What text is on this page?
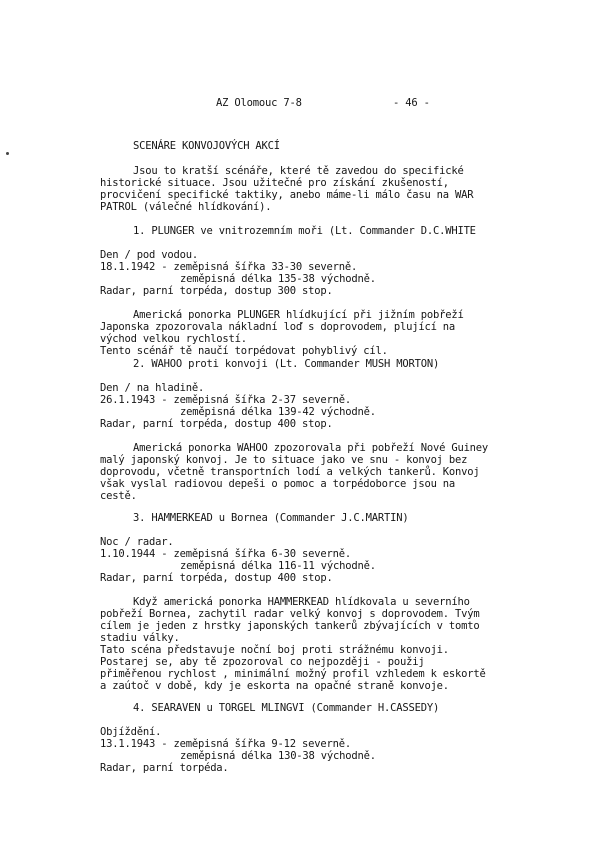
AZ Olomouc 7-8	- 46 -
SCENÁRE KONVOJOVÝCH AKCÍ
Jsou to kratší scénáře, které tě zavedou do specifické
historické situace. Jsou užitečné pro získání zkušeností,
procvičení specifické taktiky, anebo máme-li málo času na WAR
PATROL (válečné hlídkování).
1. PLUNGER ve vnitrozemním moři (Lt. Commander D.C.WHITE
Den / pod vodou.
18.1.1942 - zeměpisná šířka 33-30 severně.
zeměpisná délka 135-38 východně.
Radar, parní torpéda, dostup 300 stop.
Americká ponorka PLUNGER hlídkující při jižním pobřeží
Japonska zpozorovala nákladní loď s doprovodem, plující na
východ velkou rychlostí.
Tento scénář tě naučí torpédovat pohyblivý cíl.
2. WAHOO proti konvoji (Lt. Commander MUSH MORTON)
Den / na hladině.
26.1.1943 - zeměpisná šířka 2-37 severně.
zeměpisná délka 139-42 východně.
Radar, parní torpéda, dostup 400 stop.
Americká ponorka WAHOO zpozorovala při pobřeží Nové Guiney
malý japonský konvoj. Je to situace jako ve snu - konvoj bez
doprovodu, včetně transportních lodí a velkých tankerů. Konvoj
však vyslal radiovou depeši o pomoc a torpédoborce jsou na
cestě.
3. HAMMERKEAD u Bornea (Commander J.C.MARTIN)
Noc / radar.
1.10.1944 - zeměpisná šířka 6-30 severně.
zeměpisná délka 116-11 východně.
Radar, parní torpéda, dostup 400 stop.
Když americká ponorka HAMMERKEAD hlídkovala u severního
pobřeží Bornea, zachytil radar velký konvoj s doprovodem. Tvým
cílem je jeden z hrstky japonských tankerů zbývajících v tomto
stadiu války.
Tato scéna představuje noční boj proti strážnému konvoji.
Postarej se, aby tě zpozoroval co nejpozději - použij
přiměřenou rychlost , minimální možný profil vzhledem k eskortě
a zaútoč v době, kdy je eskorta na opačné straně konvoje.
4. SEARAVEN u TORGEL MLINGVI (Commander H.CASSEDY)
Objíždění.
13.1.1943 - zeměpisná šířka 9-12 severně.
zeměpisná délka 130-38 východně.
Radar, parní torpéda.
